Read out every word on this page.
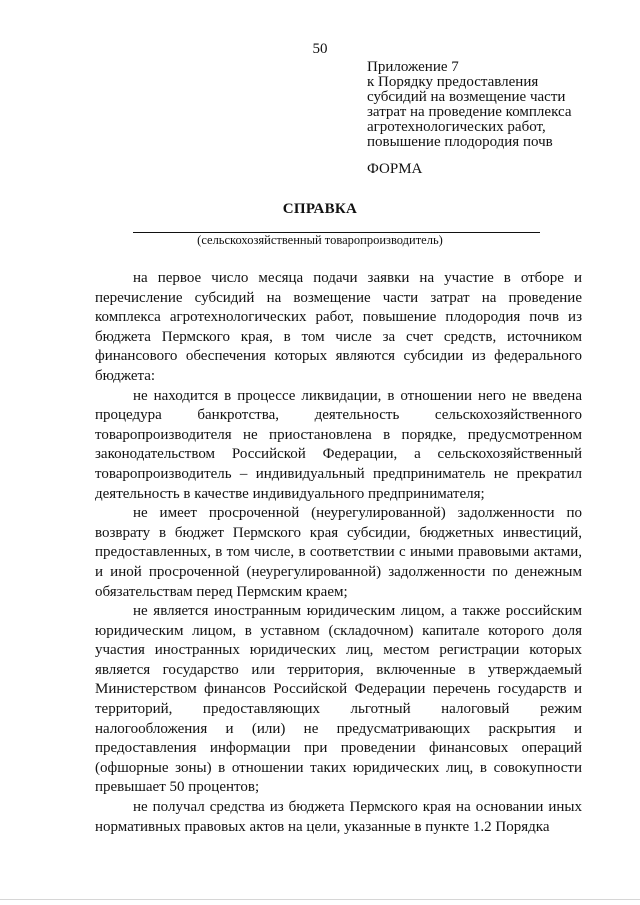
50
Приложение 7
к Порядку предоставления
субсидий на возмещение части
затрат на проведение комплекса
агротехнологических работ,
повышение плодородия почв
ФОРМА
СПРАВКА
(сельскохозяйственный товаропроизводитель)

на первое число месяца подачи заявки на участие в отборе и перечисление субсидий на возмещение части затрат на проведение комплекса агротехнологических работ, повышение плодородия почв из бюджета Пермского края, в том числе за счет средств, источником финансового обеспечения которых являются субсидии из федерального бюджета:

не находится в процессе ликвидации, в отношении него не введена процедура банкротства, деятельность сельскохозяйственного товаропроизводителя не приостановлена в порядке, предусмотренном законодательством Российской Федерации, а сельскохозяйственный товаропроизводитель – индивидуальный предприниматель не прекратил деятельность в качестве индивидуального предпринимателя;

не имеет просроченной (неурегулированной) задолженности по возврату в бюджет Пермского края субсидии, бюджетных инвестиций, предоставленных, в том числе, в соответствии с иными правовыми актами, и иной просроченной (неурегулированной) задолженности по денежным обязательствам перед Пермским краем;

не является иностранным юридическим лицом, а также российским юридическим лицом, в уставном (складочном) капитале которого доля участия иностранных юридических лиц, местом регистрации которых является государство или территория, включенные в утверждаемый Министерством финансов Российской Федерации перечень государств и территорий, предоставляющих льготный налоговый режим налогообложения и (или) не предусматривающих раскрытия и предоставления информации при проведении финансовых операций (офшорные зоны) в отношении таких юридических лиц, в совокупности превышает 50 процентов;

не получал средства из бюджета Пермского края на основании иных нормативных правовых актов на цели, указанные в пункте 1.2 Порядка
